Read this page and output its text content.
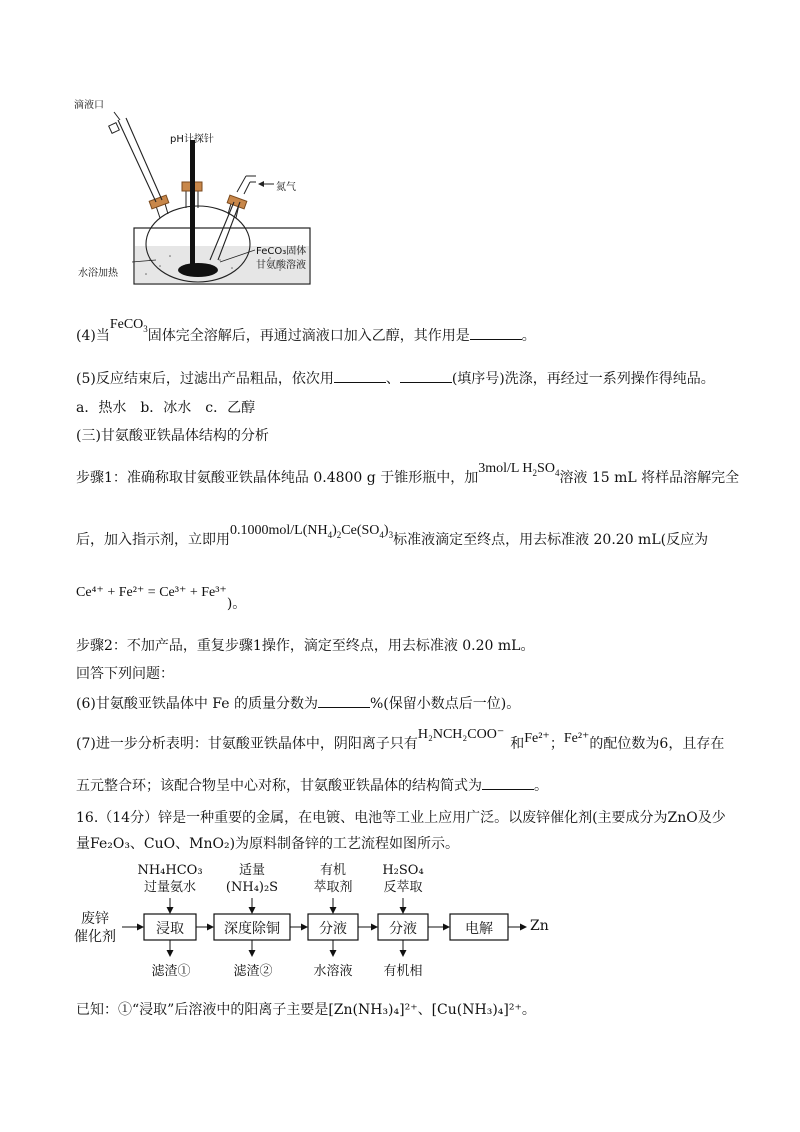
滴液口
pH计探针
氮气
FeCO₃固体
甘氨酸溶液
水浴加热
(4)当FeCO$_3$固体完全溶解后，再通过滴液口加入乙醇，其作用是	。
(5)反应结束后，过滤出产品粗品，依次用	、	(填序号)洗涤，再经过一系列操作得纯品。
a．热水　b．冰水　c．乙醇
(三)甘氨酸亚铁晶体结构的分析
步骤1：准确称取甘氨酸亚铁晶体纯品 0.4800 g 于锥形瓶中，加3mol/L $H_2SO_4$溶液 15 mL 将样品溶解完全
后，加入指示剂，立即用$0.1000mol/L(NH_4)_2Ce(SO_4)_3$标准液滴定至终点，用去标准液 20.20 mL(反应为
Ce⁴⁺ + Fe²⁺ = Ce³⁺ + Fe³⁺)。
步骤2：不加产品，重复步骤1操作，滴定至终点，用去标准液 0.20 mL。
回答下列问题：
(6)甘氨酸亚铁晶体中 Fe 的质量分数为	%(保留小数点后一位)。
(7)进一步分析表明：甘氨酸亚铁晶体中，阴阳离子只有H₂NCH₂COO⁻和Fe²⁺；Fe²⁺的配位数为6，且存在
五元整合环；该配合物呈中心对称，甘氨酸亚铁晶体的结构简式为	。
16.（14分）锌是一种重要的金属，在电镀、电池等工业上应用广泛。以废锌催化剂(主要成分为ZnO及少
量Fe₂O₃、CuO、MnO₂)为原料制备锌的工艺流程如图所示。
废锌
催化剂	浸取	深度除铜	分液	分液	电解	Zn
NH₄HCO₃
过量氨水
适量
(NH₄)₂S
有机
萃取剂
H₂SO₄
反萃取
滤渣①	滤渣②	水溶液	有机相
已知：①“浸取”后溶液中的阳离子主要是[Zn(NH₃)₄]²⁺、[Cu(NH₃)₄]²⁺。
